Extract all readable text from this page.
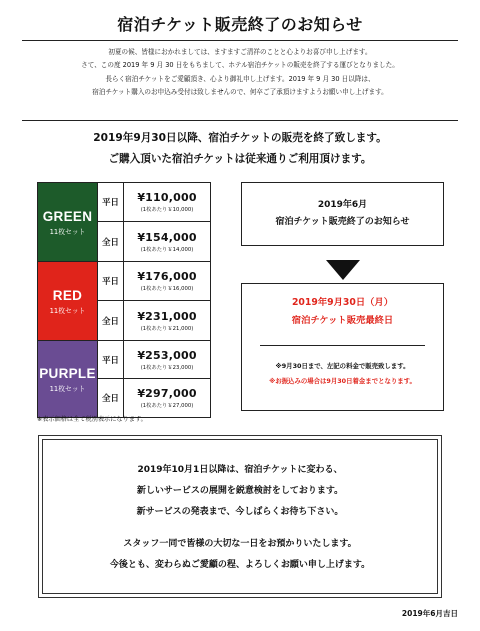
宿泊チケット販売終了のお知らせ
初夏の候、皆様におかれましては、ますますご清祥のことと心よりお喜び申し上げます。
さて、この度 2019 年 9 月 30 日をもちまして、ホテル宿泊チケットの販売を終了する運びとなりました。
長らく宿泊チケットをご愛顧頂き、心より御礼申し上げます。2019 年 9 月 30 日以降は、
宿泊チケット購入のお申込み受付は致しませんので、何卒ご了承頂けますようお願い申し上げます。
2019年9月30日以降、宿泊チケットの販売を終了致します。
ご購入頂いた宿泊チケットは従来通りご利用頂けます。
GREEN
11枚セット
平日	¥110,000
(1枚あたり￥10,000)
全日	¥154,000
(1枚あたり￥14,000)
RED
11枚セット
平日	¥176,000
(1枚あたり￥16,000)
全日	¥231,000
(1枚あたり￥21,000)
PURPLE
11枚セット
平日	¥253,000
(1枚あたり￥23,000)
全日	¥297,000
(1枚あたり￥27,000)
※表示価格は全て税別表示になります。
2019年6月
宿泊チケット販売終了のお知らせ
2019年9月30日（月）
宿泊チケット販売最終日
※9月30日まで、左記の料金で販売致します。
※お振込みの場合は9月30日着金までとなります。
2019年10月1日以降は、宿泊チケットに変わる、
新しいサービスの展開を鋭意検討をしております。
新サービスの発表まで、今しばらくお待ち下さい。
スタッフ一同で皆様の大切な一日をお預かりいたします。
今後とも、変わらぬご愛顧の程、よろしくお願い申し上げます。
2019年6月吉日
